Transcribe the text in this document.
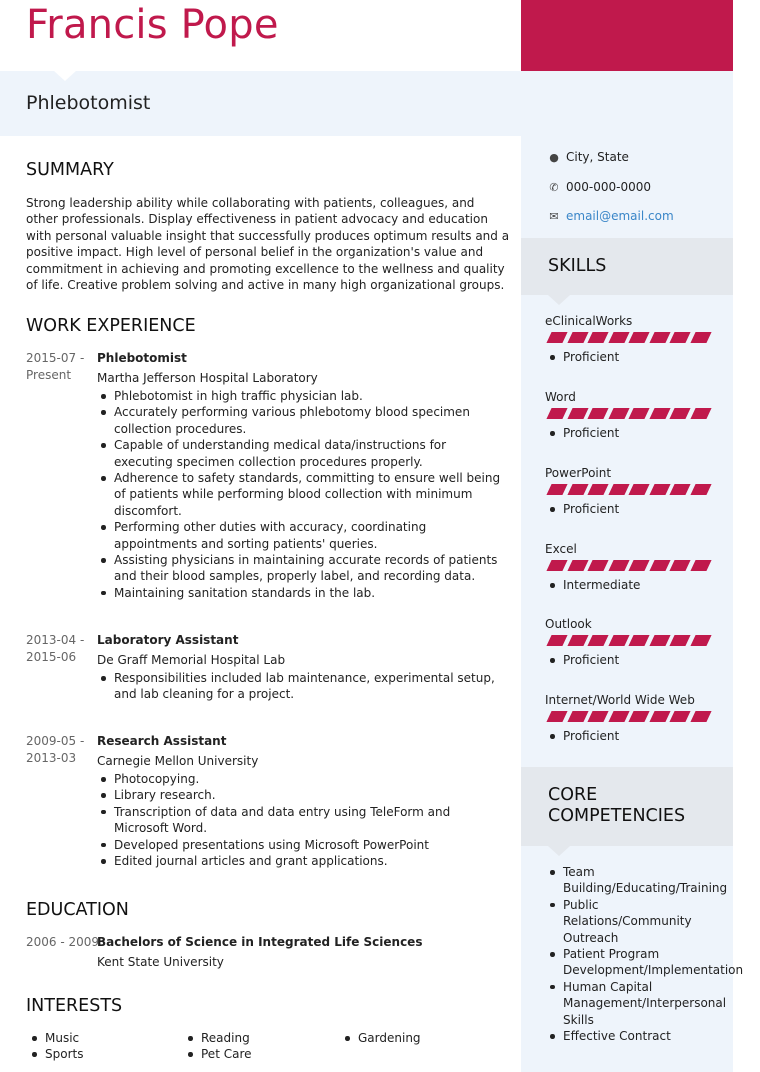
Francis Pope
Phlebotomist
SUMMARY
Strong leadership ability while collaborating with patients, colleagues, and other professionals. Display effectiveness in patient advocacy and education with personal valuable insight that successfully produces optimum results and a positive impact. High level of personal belief in the organization's value and commitment in achieving and promoting excellence to the wellness and quality of life. Creative problem solving and active in many high organizational groups.
WORK EXPERIENCE
2015-07 -
Present
Phlebotomist
Martha Jefferson Hospital Laboratory
Phlebotomist in high traffic physician lab.
Accurately performing various phlebotomy blood specimen collection procedures.
Capable of understanding medical data/instructions for executing specimen collection procedures properly.
Adherence to safety standards, committing to ensure well being of patients while performing blood collection with minimum discomfort.
Performing other duties with accuracy, coordinating appointments and sorting patients' queries.
Assisting physicians in maintaining accurate records of patients and their blood samples, properly label, and recording data.
Maintaining sanitation standards in the lab.
2013-04 -
2015-06
Laboratory Assistant
De Graff Memorial Hospital Lab
Responsibilities included lab maintenance, experimental setup, and lab cleaning for a project.
2009-05 -
2013-03
Research Assistant
Carnegie Mellon University
Photocopying.
Library research.
Transcription of data and data entry using TeleForm and Microsoft Word.
Developed presentations using Microsoft PowerPoint
Edited journal articles and grant applications.
EDUCATION
2006 - 2009
Bachelors of Science in Integrated Life Sciences
Kent State University
INTERESTS
Music
Sports
Reading
Pet Care
Gardening
● City, State
✆ 000-000-0000
✉ email@email.com
SKILLS
eClinicalWorks
Proficient
Word
Proficient
PowerPoint
Proficient
Excel
Intermediate
Outlook
Proficient
Internet/World Wide Web
Proficient
CORE
COMPETENCIES
Team Building/Educating/Training
Public Relations/Community Outreach
Patient Program Development/Implementation
Human Capital Management/Interpersonal Skills
Effective Contract
